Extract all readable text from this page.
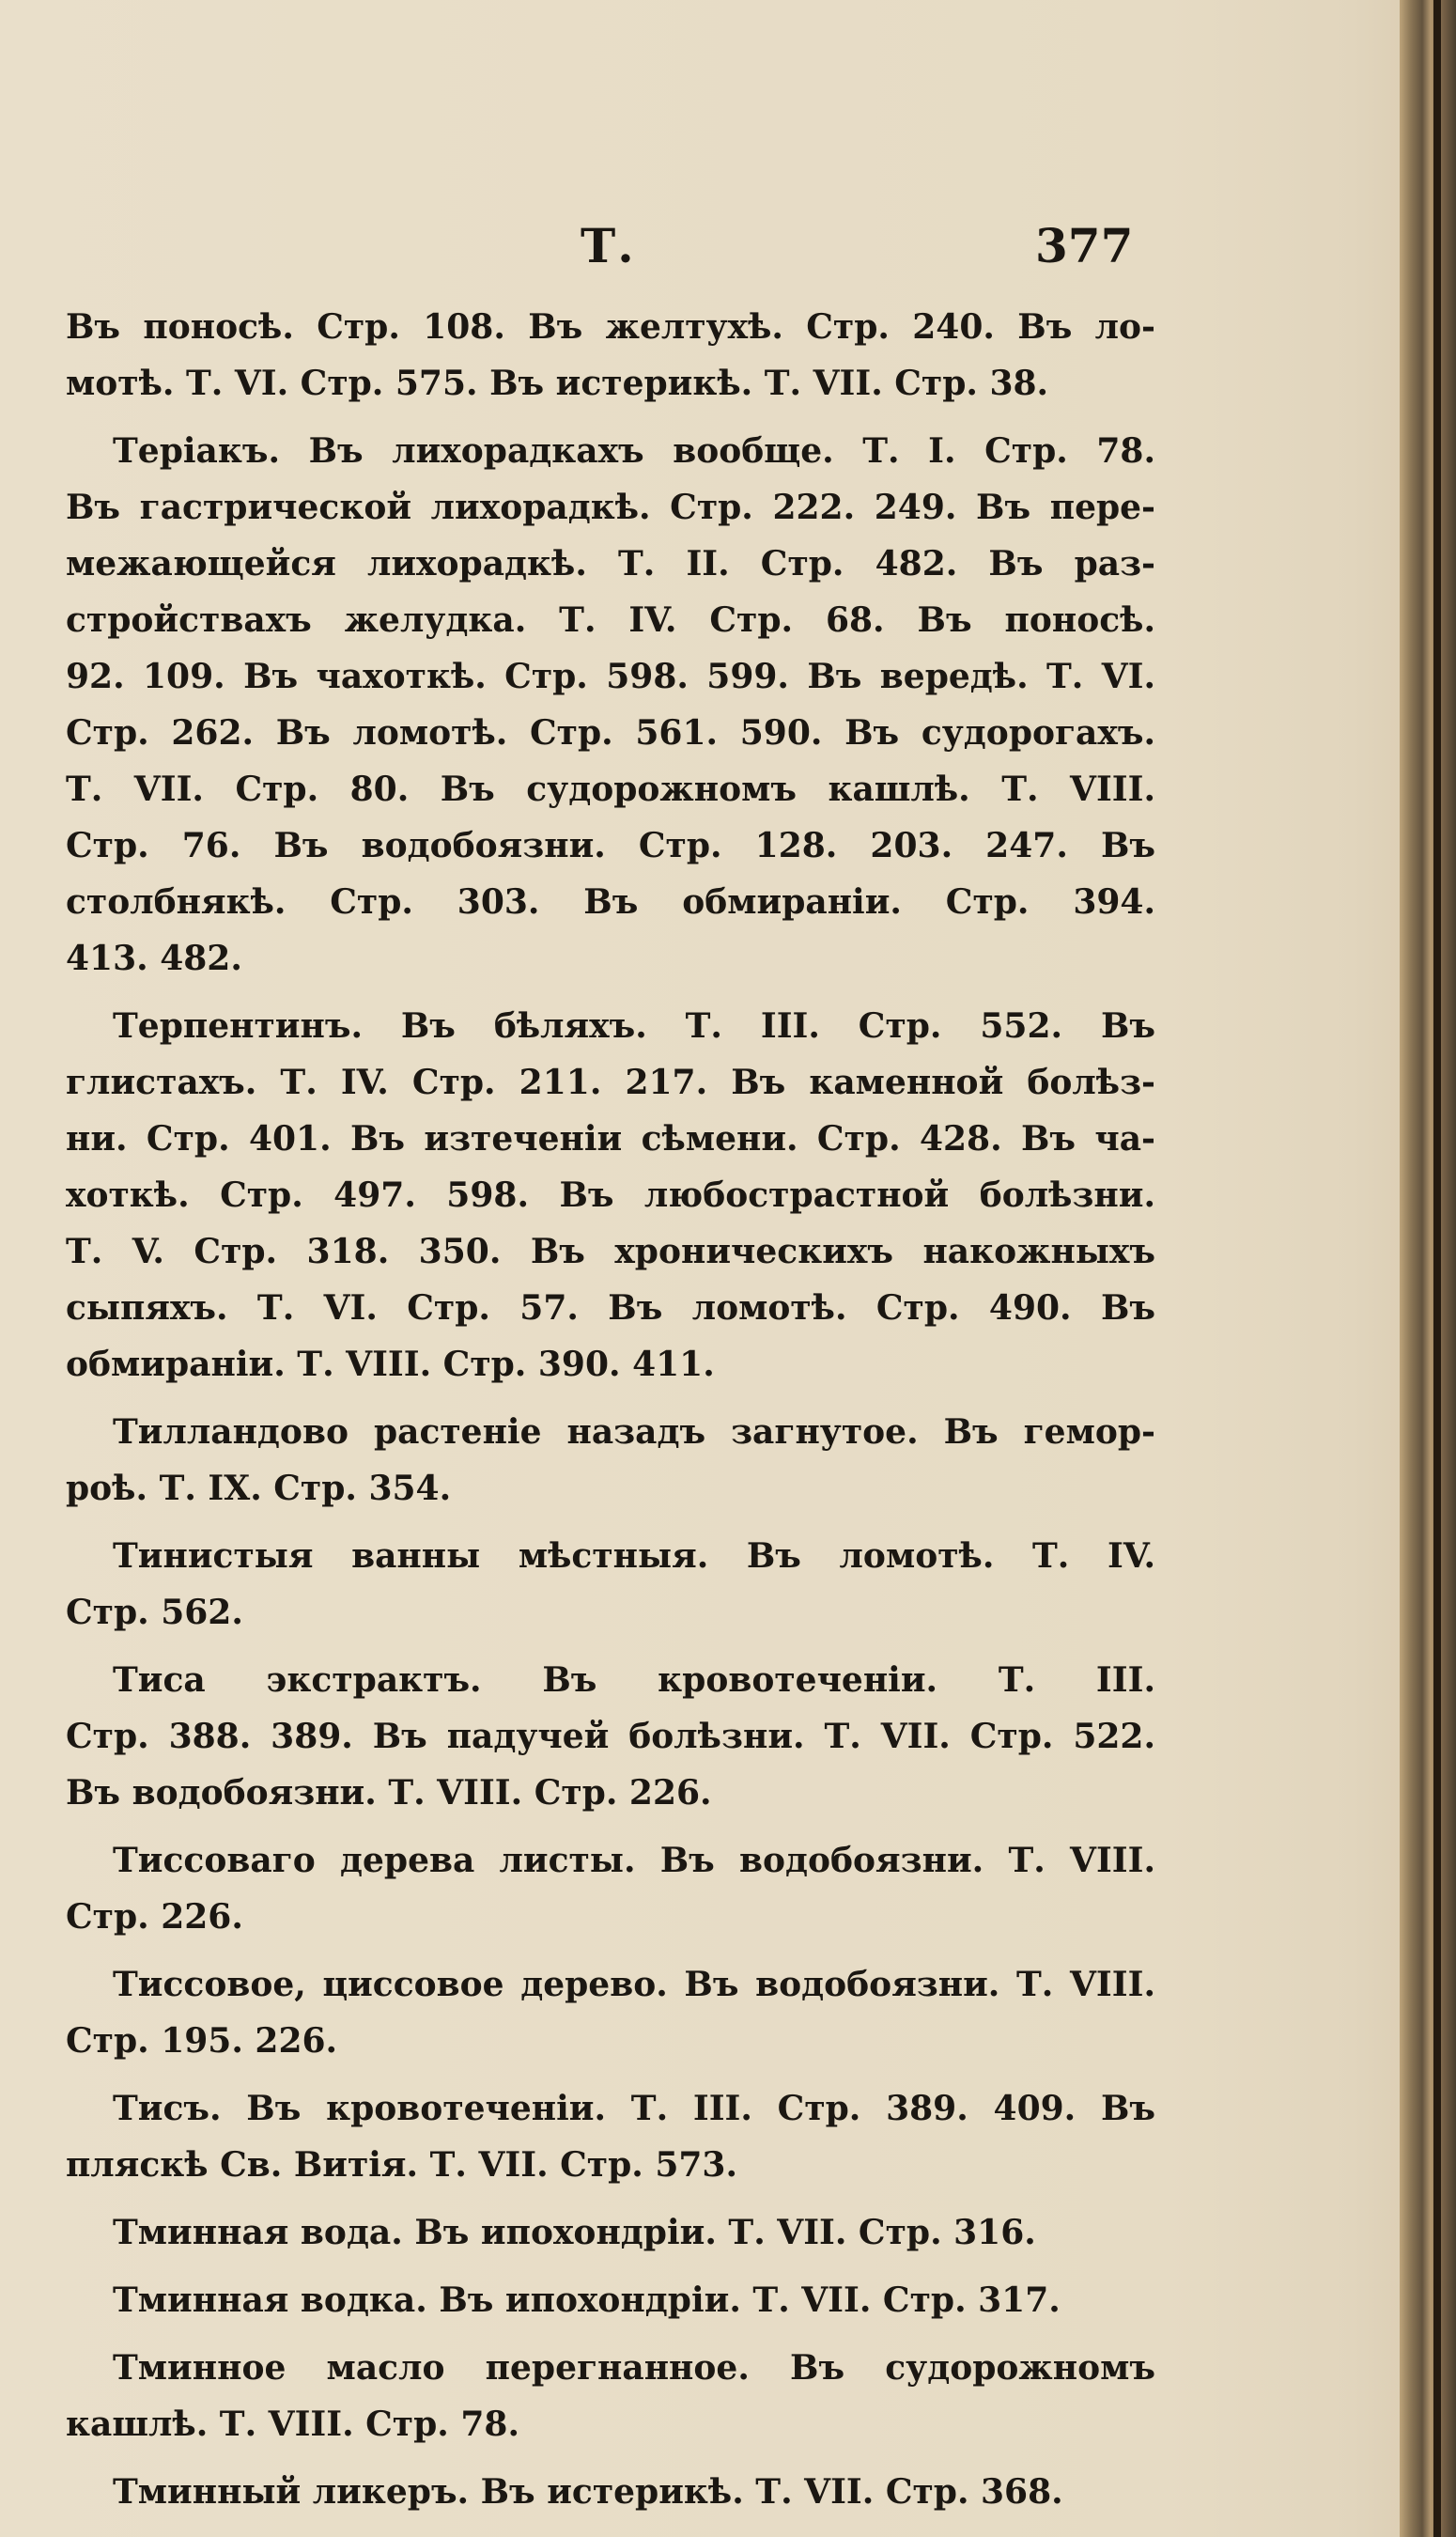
Т.	377
Въ поносѣ. Стр. 108. Въ желтухѣ. Стр. 240. Въ ло-
мотѣ. Т. VI. Стр. 575. Въ истерикѣ. Т. VII. Стр. 38.
Теріакъ. Въ лихорадкахъ вообще. Т. I. Стр. 78.
Въ гастрической лихорадкѣ. Стр. 222. 249. Въ пере-
межающейся лихорадкѣ. Т. II. Стр. 482. Въ раз-
стройствахъ желудка. Т. IV. Стр. 68. Въ поносѣ.
92. 109. Въ чахоткѣ. Стр. 598. 599. Въ вередѣ. Т. VI.
Стр. 262. Въ ломотѣ. Стр. 561. 590. Въ судорогахъ.
Т. VII. Стр. 80. Въ судорожномъ кашлѣ. Т. VIII.
Стр. 76. Въ водобоязни. Стр. 128. 203. 247. Въ
столбнякѣ. Стр. 303. Въ обмираніи. Стр. 394.
413. 482.
Терпентинъ. Въ бѣляхъ. Т. III. Стр. 552. Въ
глистахъ. Т. IV. Стр. 211. 217. Въ каменной болѣз-
ни. Стр. 401. Въ изтеченіи сѣмени. Стр. 428. Въ ча-
хоткѣ. Стр. 497. 598. Въ любострастной болѣзни.
Т. V. Стр. 318. 350. Въ хроническихъ накожныхъ
сыпяхъ. Т. VI. Стр. 57. Въ ломотѣ. Стр. 490. Въ
обмираніи. Т. VIII. Стр. 390. 411.
Тилландово растеніе назадъ загнутое. Въ гемор-
роѣ. Т. IX. Стр. 354.
Тинистыя ванны мѣстныя. Въ ломотѣ. Т. IV.
Стр. 562.
Тиса экстрактъ. Въ кровотеченіи. Т. III.
Стр. 388. 389. Въ падучей болѣзни. Т. VII. Стр. 522.
Въ водобоязни. Т. VIII. Стр. 226.
Тиссоваго дерева листы. Въ водобоязни. Т. VIII.
Стр. 226.
Тиссовое, циссовое дерево. Въ водобоязни. Т. VIII.
Стр. 195. 226.
Тисъ. Въ кровотеченіи. Т. III. Стр. 389. 409. Въ
пляскѣ Св. Витія. Т. VII. Стр. 573.
Тминная вода. Въ ипохондріи. Т. VII. Стр. 316.
Тминная водка. Въ ипохондріи. Т. VII. Стр. 317.
Тминное масло перегнанное. Въ судорожномъ
кашлѣ. Т. VIII. Стр. 78.
Тминный ликеръ. Въ истерикѣ. Т. VII. Стр. 368.
